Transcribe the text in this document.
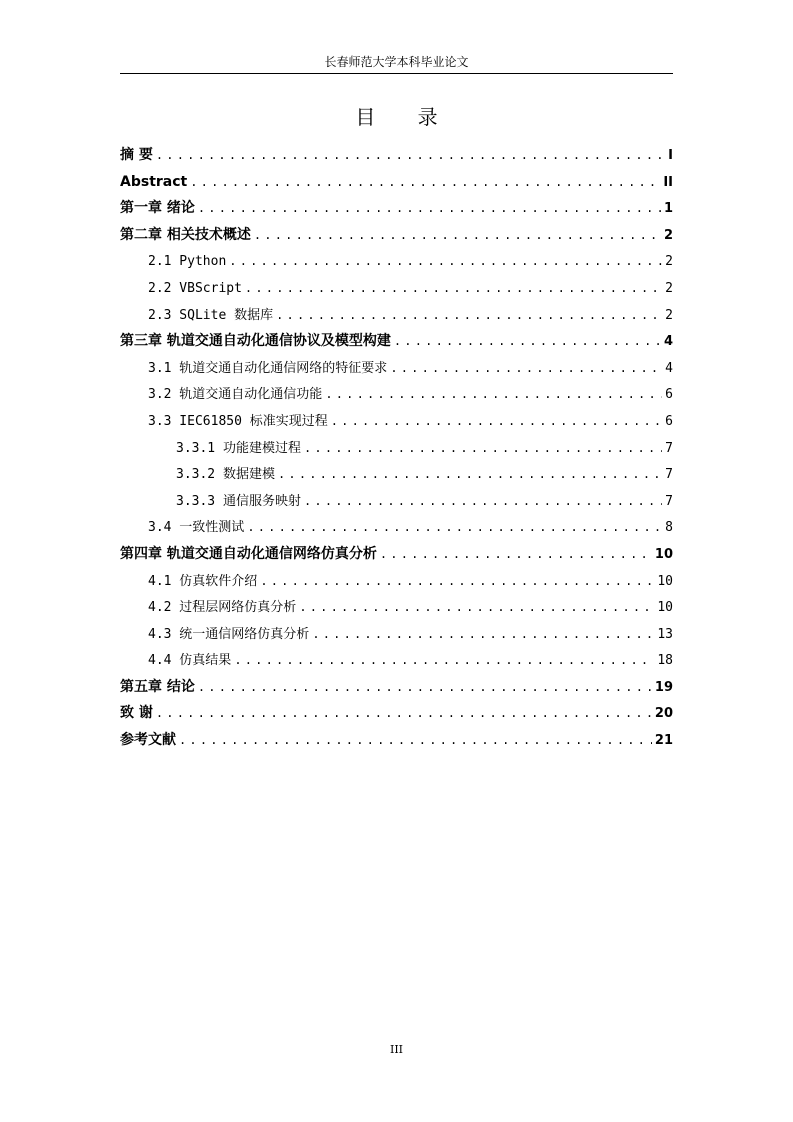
长春师范大学本科毕业论文
目 录
摘 要 .....	I
Abstract .....	II
第一章 绪论 .....	1
第二章 相关技术概述 .....	2
2.1 Python .....	2
2.2 VBScript .....	2
2.3 SQLite 数据库 .....	2
第三章 轨道交通自动化通信协议及模型构建 .....	4
3.1 轨道交通自动化通信网络的特征要求 .....	4
3.2 轨道交通自动化通信功能 .....	6
3.3 IEC61850 标准实现过程 .....	6
3.3.1 功能建模过程 .....	7
3.3.2 数据建模 .....	7
3.3.3 通信服务映射 .....	7
3.4 一致性测试 .....	8
第四章 轨道交通自动化通信网络仿真分析 .....	10
4.1 仿真软件介绍 .....	10
4.2 过程层网络仿真分析 .....	10
4.3 统一通信网络仿真分析 .....	13
4.4 仿真结果 .....	18
第五章 结论 .....	19
致 谢 .....	20
参考文献 .....	21
III
